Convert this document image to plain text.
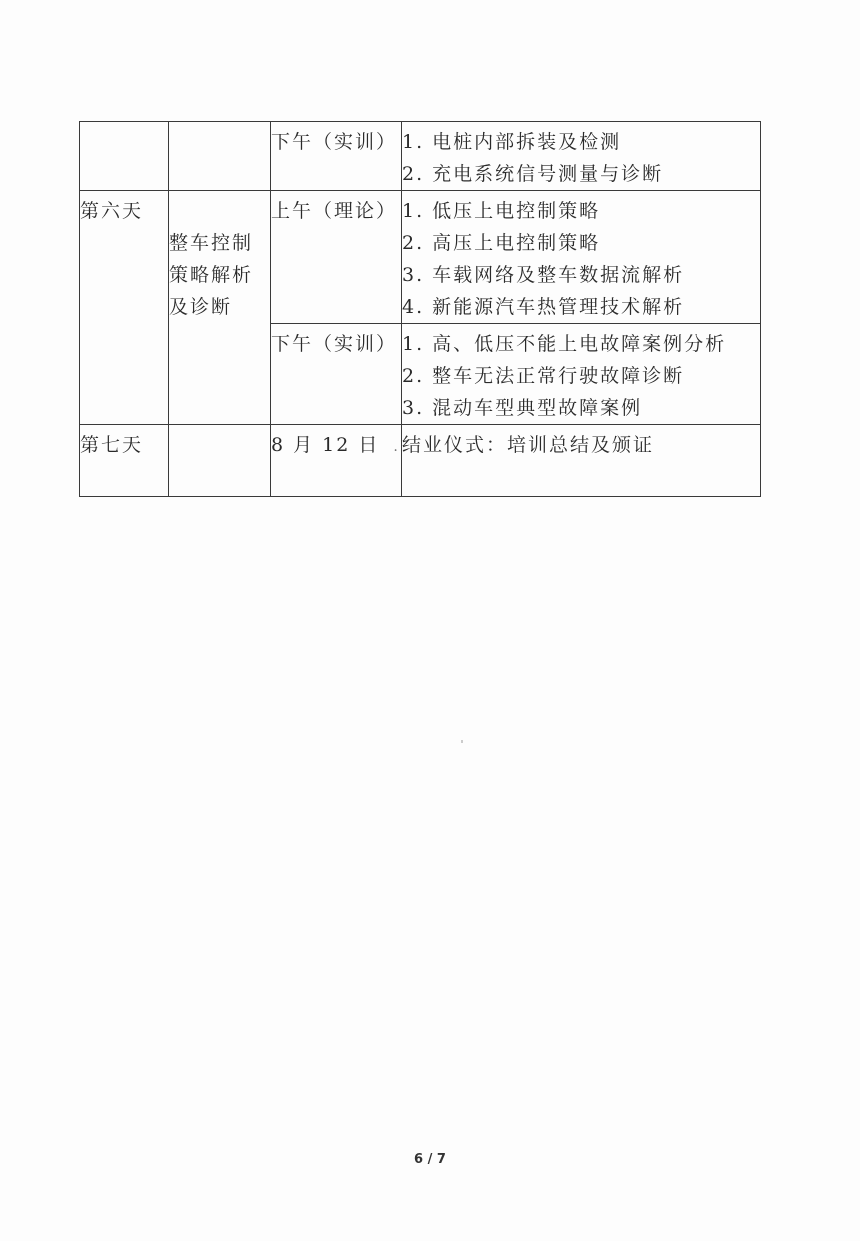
		下午（实训）	1. 电桩内部拆装及检测
2. 充电系统信号测量与诊断

第六天	整车控制
策略解析
及诊断	上午（理论）	1. 低压上电控制策略
2. 高压上电控制策略
3. 车载网络及整车数据流解析
4. 新能源汽车热管理技术解析

		下午（实训）	1. 高、低压不能上电故障案例分析
2. 整车无法正常行驶故障诊断
3. 混动车型典型故障案例

第七天		8 月 12 日 .	结业仪式：培训总结及颁证
6 / 7
